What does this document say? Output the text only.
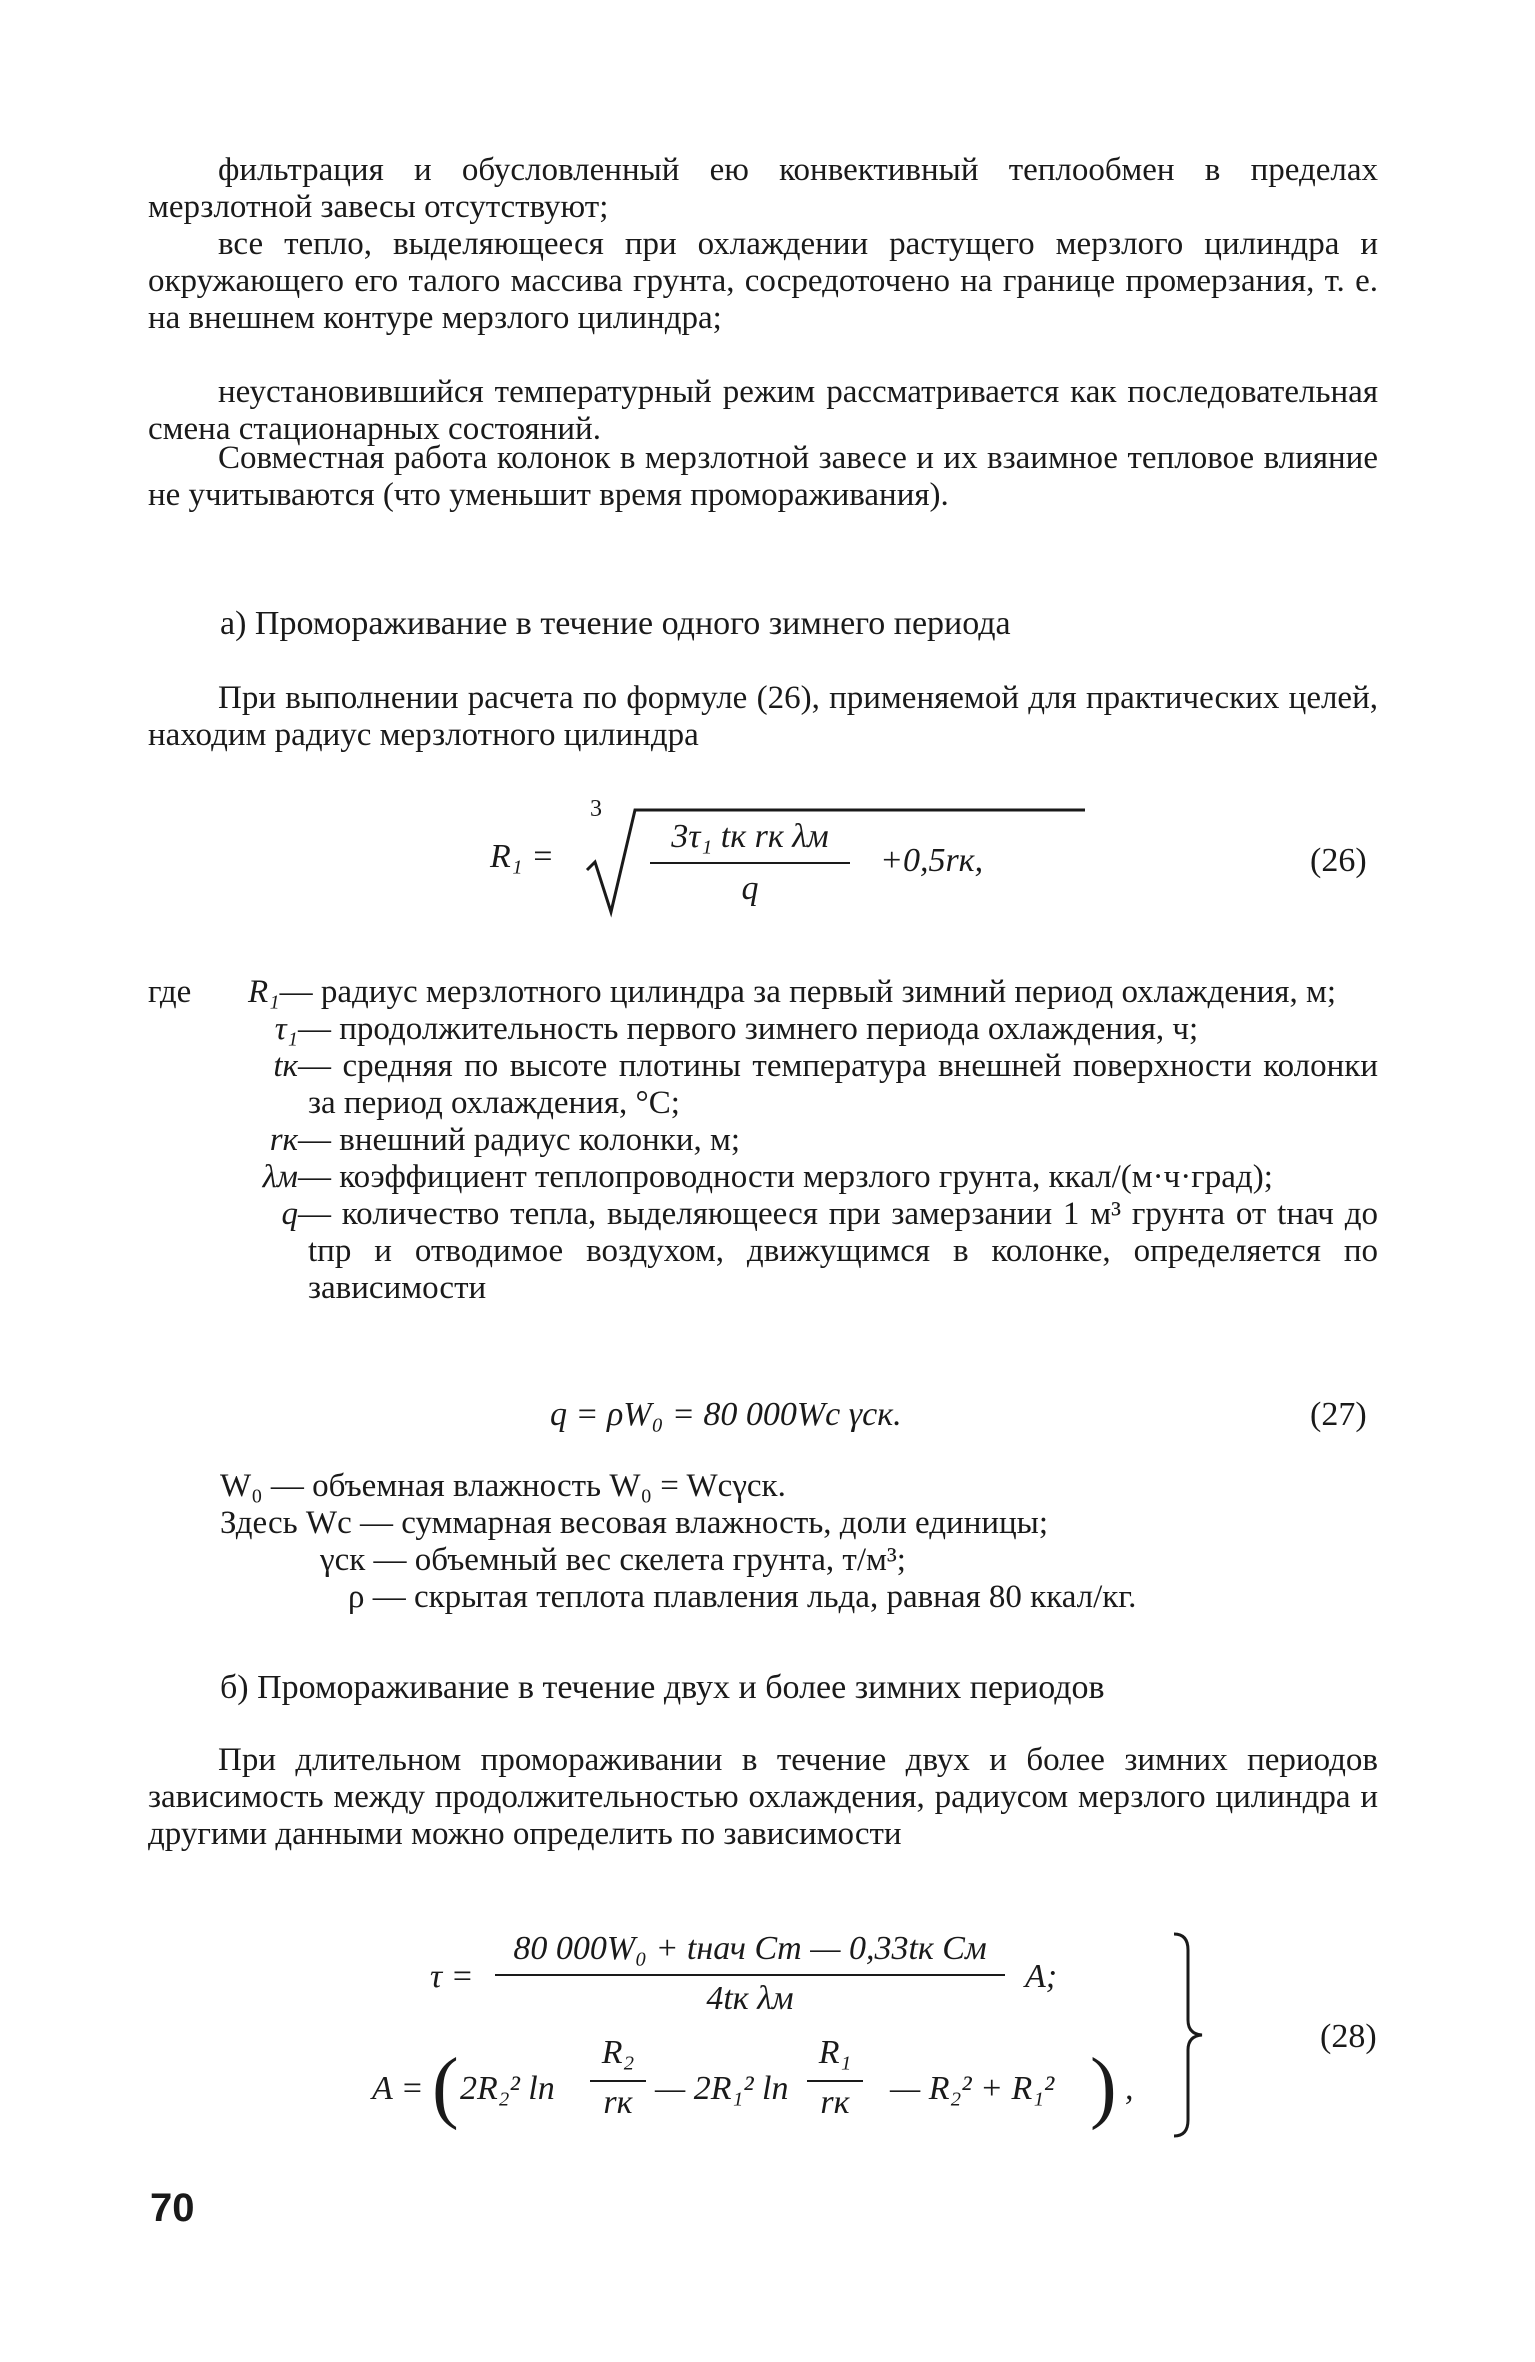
фильтрация и обусловленный ею конвективный теплообмен в пределах мерзлотной завесы отсутствуют;

все тепло, выделяющееся при охлаждении растущего мерзлого цилиндра и окружающего его талого массива грунта, сосредоточено на границе промерзания, т. е. на внешнем контуре мерзлого цилиндра;

неустановившийся температурный режим рассматривается как последовательная смена стационарных состояний.

Совместная работа колонок в мерзлотной завесе и их взаимное тепловое влияние не учитываются (что уменьшит время промораживания).

а) Промораживание в течение одного зимнего периода

При выполнении расчета по формуле (26), применяемой для практических целей, находим радиус мерзлотного цилиндра

R₁ =
3
3τ₁ tк rк λм
q
+0,5rк,	(26)
где R₁— радиус мерзлотного цилиндра за первый зимний период охлаждения, м;
τ₁— продолжительность первого зимнего периода охлаждения, ч;
tк— средняя по высоте плотины температура внешней поверхности колонки за период охлаждения, °С;
rк— внешний радиус колонки, м;
λм— коэффициент теплопроводности мерзлого грунта, ккал/(м·ч·град);
q— количество тепла, выделяющееся при замерзании 1 м³ грунта от tнач до tпр и отводимое воздухом, движущимся в колонке, определяется по зависимости
q = ρW₀ = 80 000Wс γск.	(27)

W₀ — объемная влажность W₀ = Wсγск.

Здесь Wс — суммарная весовая влажность, доли единицы;

γск — объемный вес скелета грунта, т/м³;

ρ — скрытая теплота плавления льда, равная 80 ккал/кг.

б) Промораживание в течение двух и более зимних периодов

При длительном промораживании в течение двух и более зимних периодов зависимость между продолжительностью охлаждения, радиусом мерзлого цилиндра и другими данными можно определить по зависимости

τ =
80 000W₀ + tнач Cт — 0,33tк Cм
4tк λм
A;
A = ( 2R₂² ln
R₂
rк — 2R₁² ln
R₁
rк	— R₂² + R₁² ) ,
(28)
70
